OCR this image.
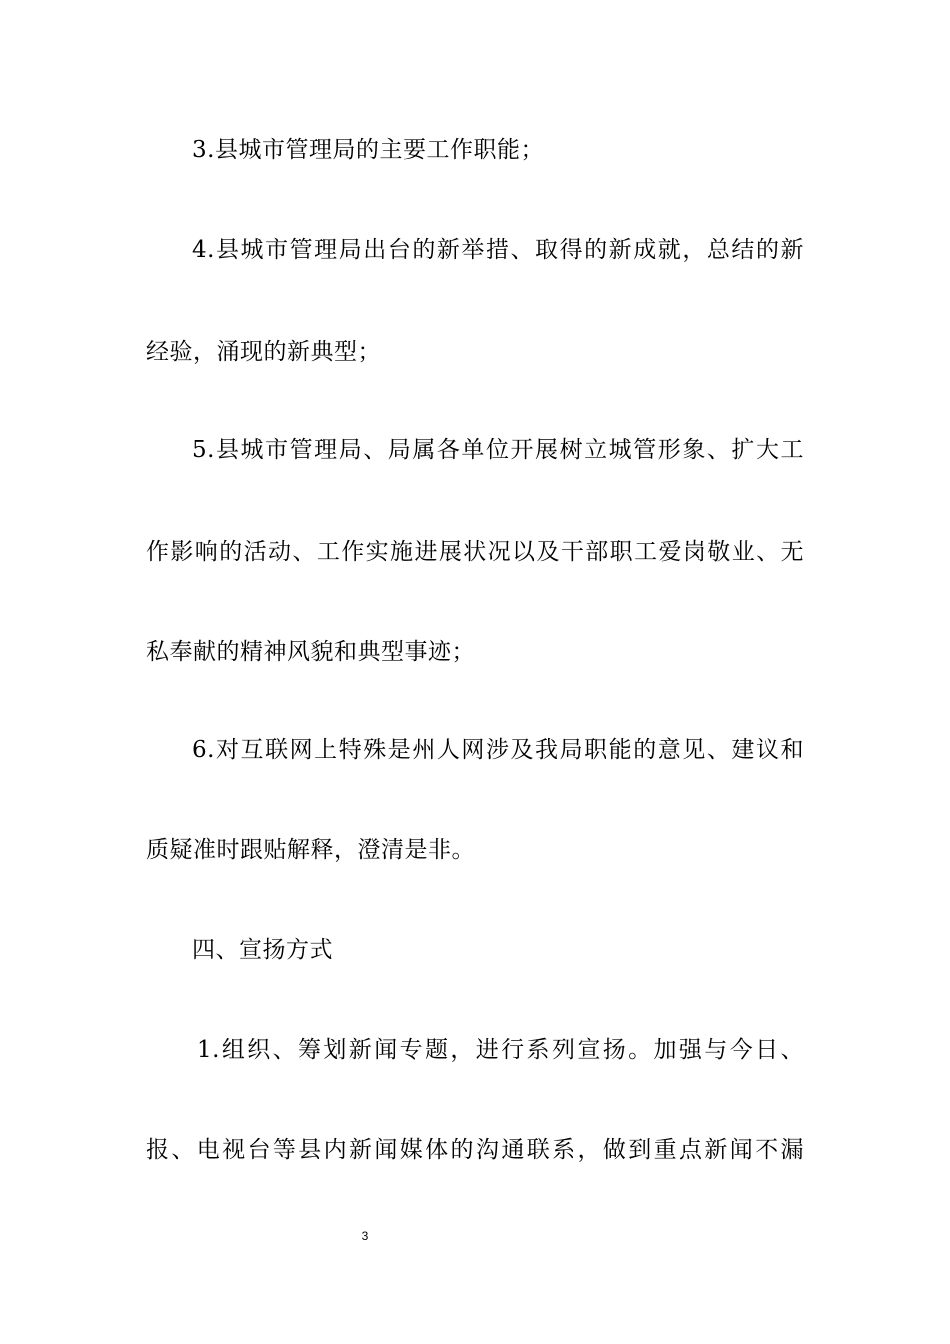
3.县城市管理局的主要工作职能；
4.县城市管理局出台的新举措、取得的新成就，总结的新
经验，涌现的新典型；
5.县城市管理局、局属各单位开展树立城管形象、扩大工
作影响的活动、工作实施进展状况以及干部职工爱岗敬业、无
私奉献的精神风貌和典型事迹；
6.对互联网上特殊是州人网涉及我局职能的意见、建议和
质疑准时跟贴解释，澄清是非。
四、宣扬方式
1.组织、筹划新闻专题，进行系列宣扬。加强与今日、
报、电视台等县内新闻媒体的沟通联系，做到重点新闻不漏
3
